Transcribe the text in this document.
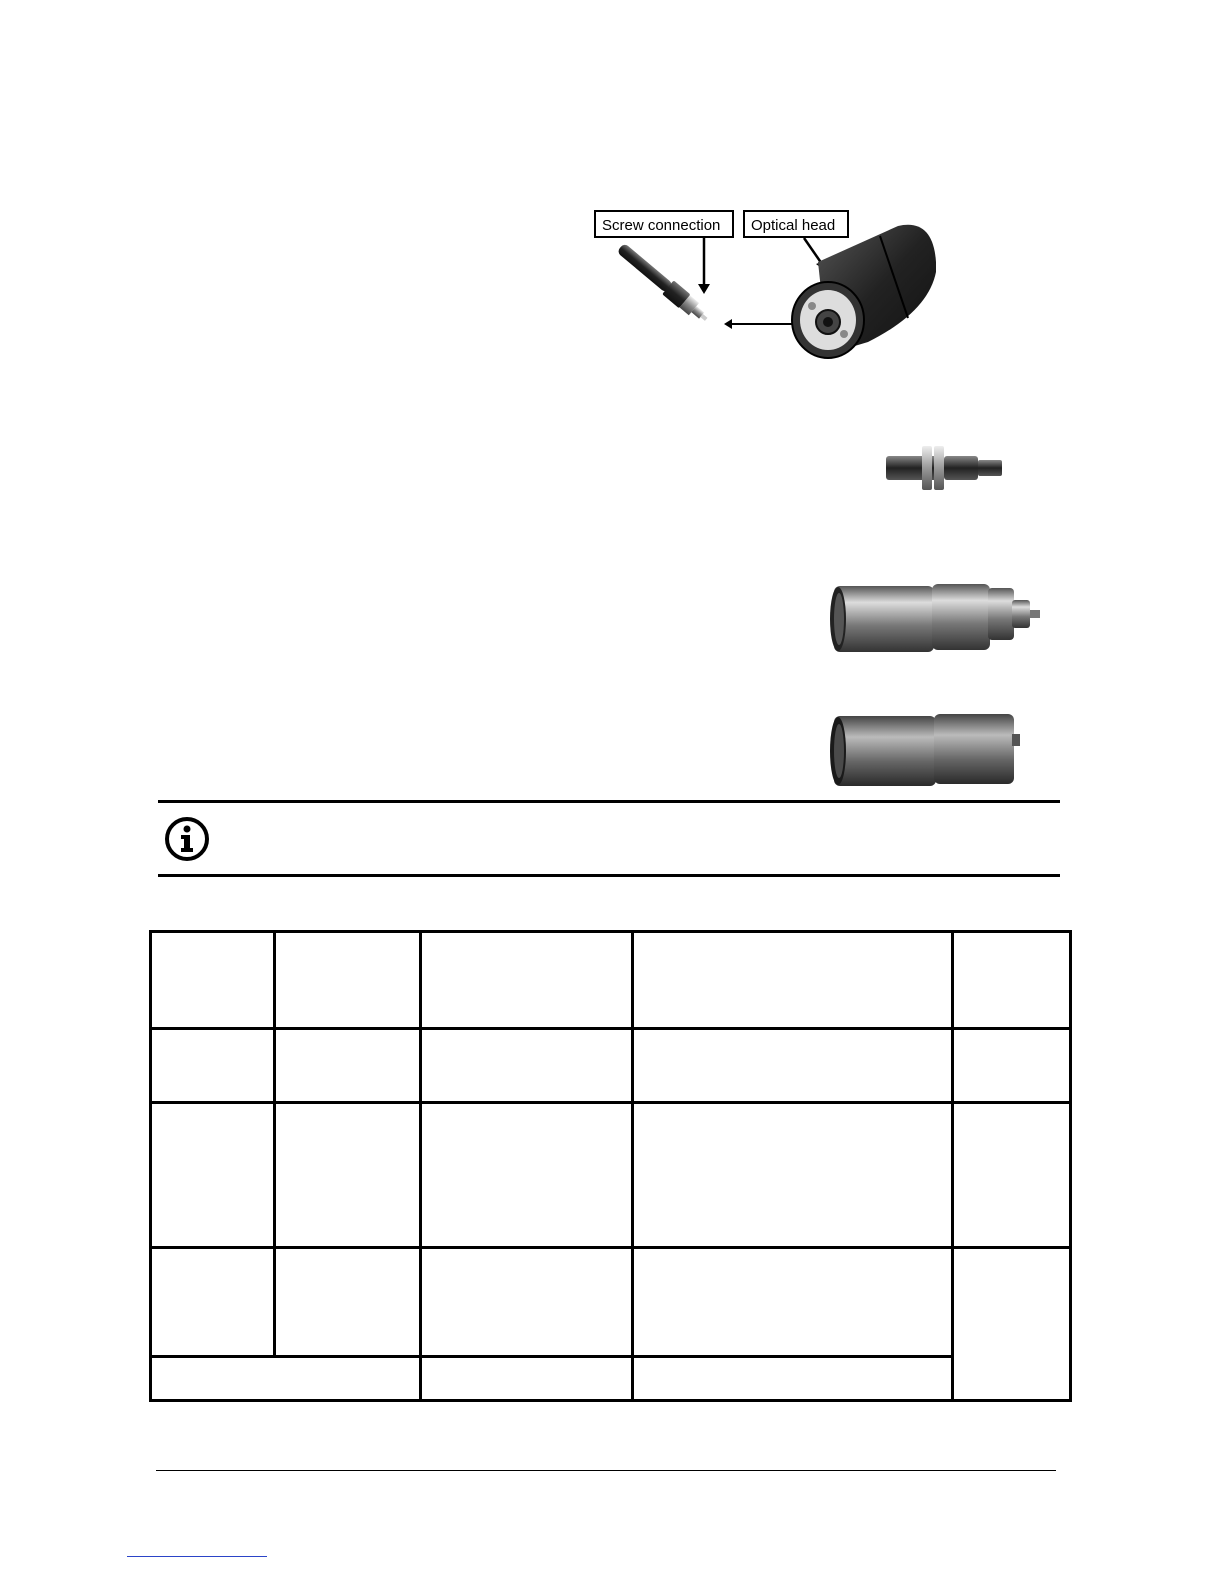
Screw connection	Optical head
